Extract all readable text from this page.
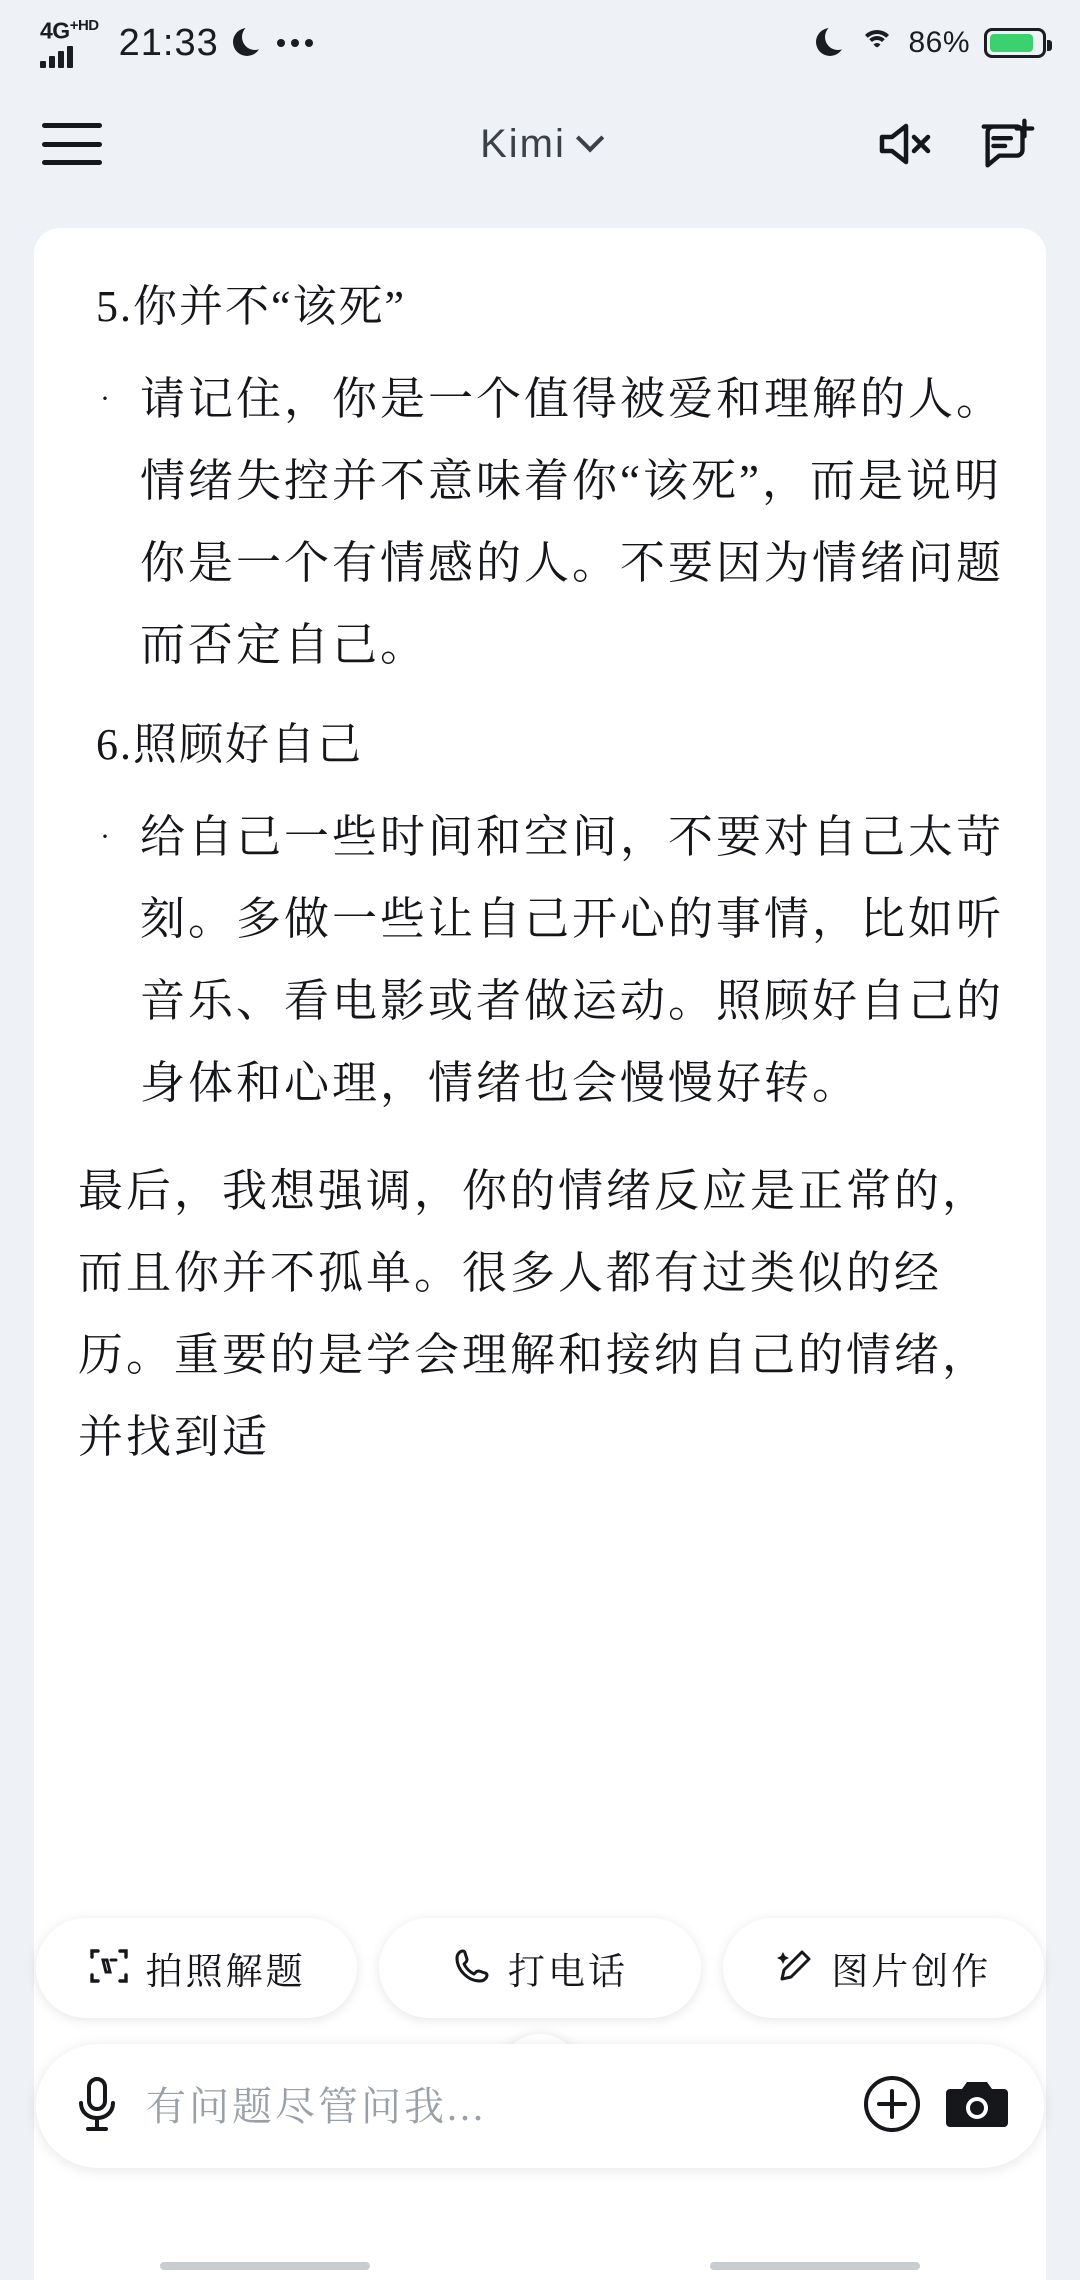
$4G^{+HD}$ 21:33	86%
Kimi
5.你并不“该死”
· 请记住，你是一个值得被爱和理解的人。情绪失控并不意味着你“该死”，而是说明你是一个有情感的人。不要因为情绪问题而否定自己。

6.照顾好自己
· 给自己一些时间和空间，不要对自己太苛刻。多做一些让自己开心的事情，比如听音乐、看电影或者做运动。照顾好自己的身体和心理，情绪也会慢慢好转。

最后，我想强调，你的情绪反应是正常的，而且你并不孤单。很多人都有过类似的经历。重要的是学会理解和接纳自己的情绪，并找到适
拍照解题	打电话	图片创作
有问题尽管问我...
